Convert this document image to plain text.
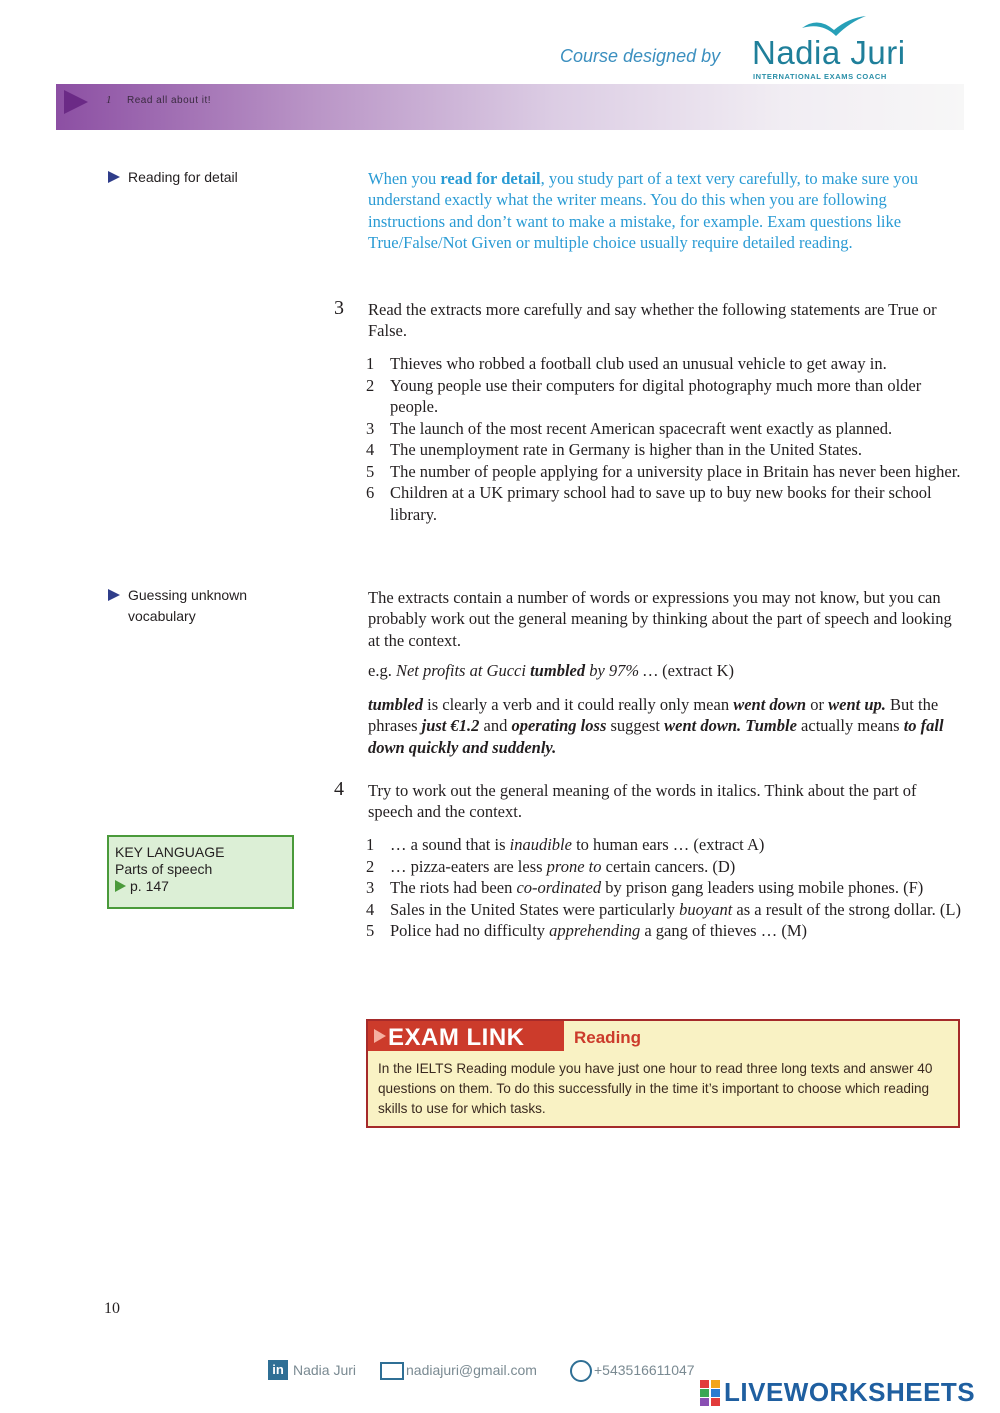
Course designed by Nadia Juri
INTERNATIONAL EXAMS COACH
1 Read all about it!
Reading for detail
Guessing unknown
vocabulary
When you read for detail, you study part of a text very carefully, to make sure you understand exactly what the writer means. You do this when you are following instructions and don’t want to make a mistake, for example. Exam questions like True/False/Not Given or multiple choice usually require detailed reading.
3 Read the extracts more carefully and say whether the following statements are True or False.
1 Thieves who robbed a football club used an unusual vehicle to get away in.
2 Young people use their computers for digital photography much more than older people.
3 The launch of the most recent American spacecraft went exactly as planned.
4 The unemployment rate in Germany is higher than in the United States.
5 The number of people applying for a university place in Britain has never been higher.
6 Children at a UK primary school had to save up to buy new books for their school library.
The extracts contain a number of words or expressions you may not know, but you can probably work out the general meaning by thinking about the part of speech and looking at the context.
e.g. Net profits at Gucci tumbled by 97% … (extract K)
tumbled is clearly a verb and it could really only mean went down or went up. But the phrases just €1.2 and operating loss suggest went down. Tumble actually means to fall down quickly and suddenly.
4 Try to work out the general meaning of the words in italics. Think about the part of speech and the context.
1 … a sound that is inaudible to human ears … (extract A)
2 … pizza-eaters are less prone to certain cancers. (D)
3 The riots had been co-ordinated by prison gang leaders using mobile phones. (F)
4 Sales in the United States were particularly buoyant as a result of the strong dollar. (L)
5 Police had no difficulty apprehending a gang of thieves … (M)
KEY LANGUAGE
Parts of speech
p. 147
EXAM LINK	Reading
In the IELTS Reading module you have just one hour to read three long texts and answer 40 questions on them. To do this successfully in the time it’s important to choose which reading skills to use for which tasks.
10
in Nadia Juri	nadiajuri@gmail.com	+543516611047
LIVEWORKSHEETS
